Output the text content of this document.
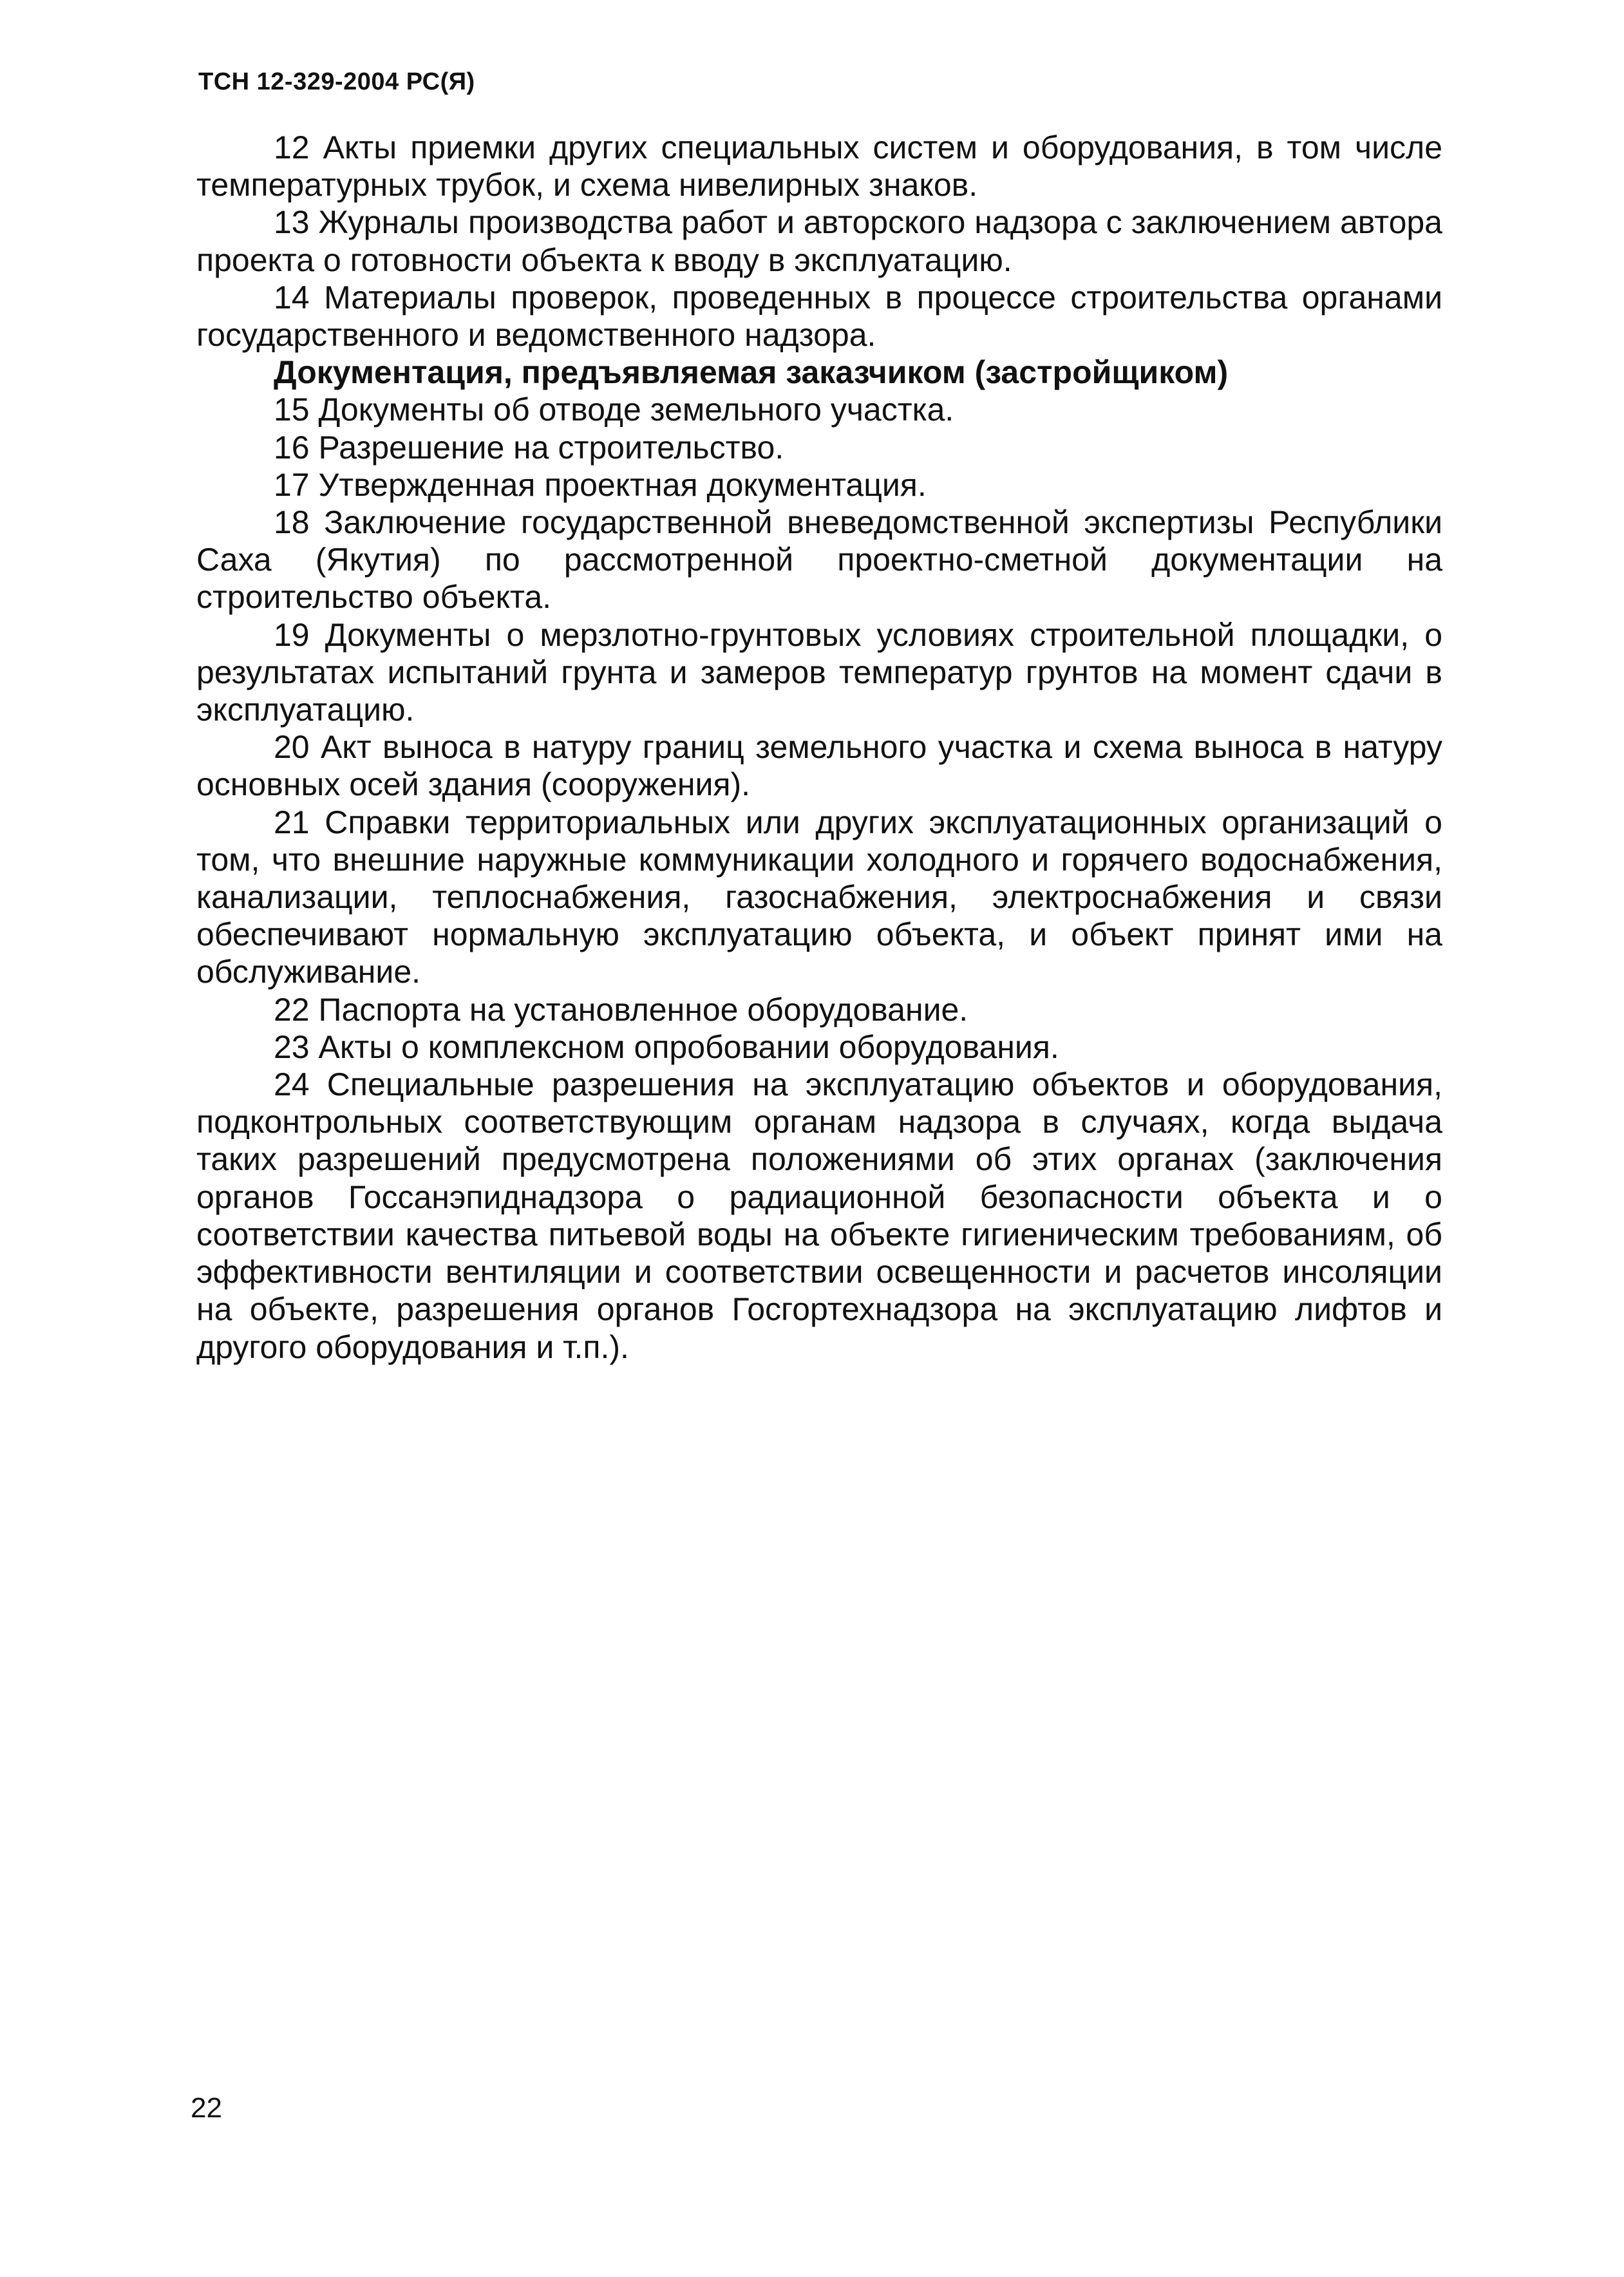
ТСН 12-329-2004 РС(Я)

12 Акты приемки других специальных систем и оборудования, в том числе температурных трубок, и схема нивелирных знаков.

13 Журналы производства работ и авторского надзора с заключением автора проекта о готовности объекта к вводу в эксплуатацию.

14 Материалы проверок, проведенных в процессе строительства органами государственного и ведомственного надзора.

Документация, предъявляемая заказчиком (застройщиком)

15 Документы об отводе земельного участка.

16 Разрешение на строительство.

17 Утвержденная проектная документация.

18 Заключение государственной вневедомственной экспертизы Республики Саха (Якутия) по рассмотренной проектно-сметной документации на строительство объекта.

19 Документы о мерзлотно-грунтовых условиях строительной площадки, о результатах испытаний грунта и замеров температур грунтов на момент сдачи в эксплуатацию.

20 Акт выноса в натуру границ земельного участка и схема выноса в натуру основных осей здания (сооружения).

21 Справки территориальных или других эксплуатационных организаций о том, что внешние наружные коммуникации холодного и горячего водоснабжения, канализации, теплоснабжения, газоснабжения, электроснабжения и связи обеспечивают нормальную эксплуатацию объекта, и объект принят ими на обслуживание.

22 Паспорта на установленное оборудование.

23 Акты о комплексном опробовании оборудования.

24 Специальные разрешения на эксплуатацию объектов и оборудования, подконтрольных соответствующим органам надзора в случаях, когда выдача таких разрешений предусмотрена положениями об этих органах (заключения органов Госсанэпиднадзора о радиационной безопасности объекта и о соответствии качества питьевой воды на объекте гигиеническим требованиям, об эффективности вентиляции и соответствии освещенности и расчетов инсоляции на объекте, разрешения органов Госгортехнадзора на эксплуатацию лифтов и другого оборудования и т.п.).

22
